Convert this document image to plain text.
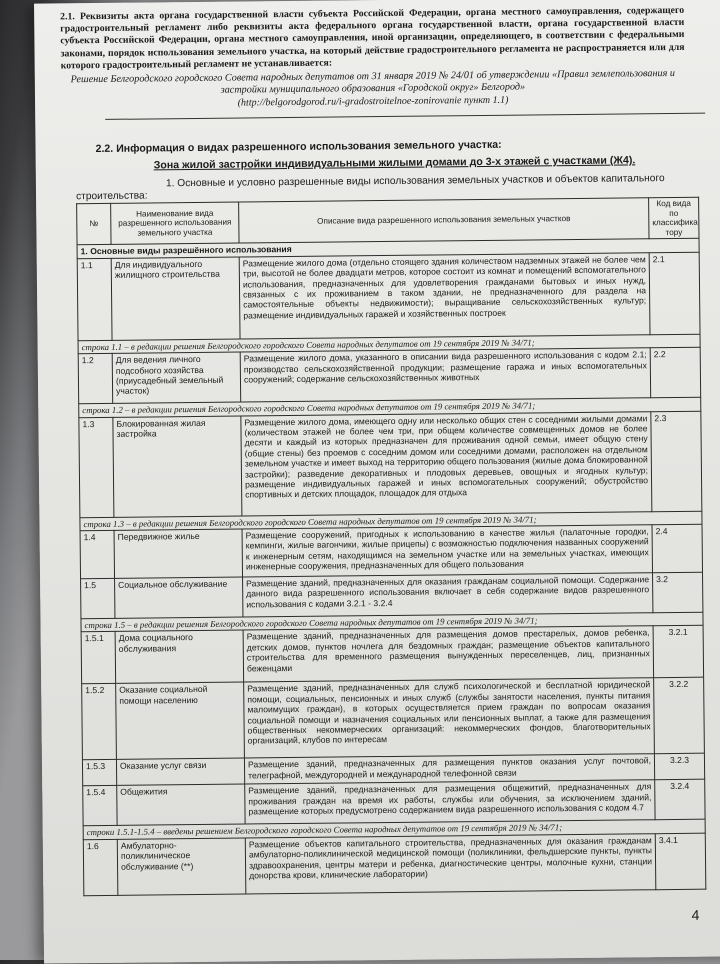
2.1. Реквизиты акта органа государственной власти субъекта Российской Федерации, органа местного самоуправления, содержащего градостроительный регламент либо реквизиты акта федерального органа государственной власти, органа государственной власти субъекта Российской Федерации, органа местного самоуправления, иной организации, определяющего, в соответствии с федеральными законами, порядок использования земельного участка, на который действие градостроительного регламента не распространяется или для которого градостроительный регламент не устанавливается:
Решение Белгородского городского Совета народных депутатов от 31 января 2019 № 24/01 об утверждении «Правил землепользования и застройки муниципального образования «Городской округ» Белгород»
(http://belgorodgorod.ru/i-gradostroitelnoe-zonirovanie пункт 1.1)
2.2. Информация о видах разрешенного использования земельного участка:
Зона жилой застройки индивидуальными жилыми домами до 3-х этажей с участками (Ж4).
1. Основные и условно разрешенные виды использования земельных участков и объектов капитального строительства:
№	Наименование вида разрешенного использования земельного участка	Описание вида разрешенного использования земельных участков	Код вида по классифика тору
1. Основные виды разрешённого использования			
1.1	Для индивидуального жилищного строительства	Размещение жилого дома (отдельно стоящего здания количеством надземных этажей не более чем три, высотой не более двадцати метров, которое состоит из комнат и помещений вспомогательного использования, предназначенных для удовлетворения гражданами бытовых и иных нужд, связанных с их проживанием в таком здании, не предназначенного для раздела на самостоятельные объекты недвижимости); выращивание сельскохозяйственных культур; размещение индивидуальных гаражей и хозяйственных построек	2.1
строка 1.1 – в редакции решения Белгородского городского Совета народных депутатов от 19 сентября 2019 № 34/71;			
1.2	Для ведения личного подсобного хозяйства (приусадебный земельный участок)	Размещение жилого дома, указанного в описании вида разрешенного использования с кодом 2.1; производство сельскохозяйственной продукции; размещение гаража и иных вспомогательных сооружений; содержание сельскохозяйственных животных	2.2
строка 1.2 – в редакции решения Белгородского городского Совета народных депутатов от 19 сентября 2019 № 34/71;			
1.3	Блокированная жилая застройка	Размещение жилого дома, имеющего одну или несколько общих стен с соседними жилыми домами (количеством этажей не более чем три, при общем количестве совмещенных домов не более десяти и каждый из которых предназначен для проживания одной семьи, имеет общую стену (общие стены) без проемов с соседним домом или соседними домами, расположен на отдельном земельном участке и имеет выход на территорию общего пользования (жилые дома блокированной застройки); разведение декоративных и плодовых деревьев, овощных и ягодных культур; размещение индивидуальных гаражей и иных вспомогательных сооружений; обустройство спортивных и детских площадок, площадок для отдыха	2.3
строка 1.3 – в редакции решения Белгородского городского Совета народных депутатов от 19 сентября 2019 № 34/71;			
1.4	Передвижное жилье	Размещение сооружений, пригодных к использованию в качестве жилья (палаточные городки, кемпинги, жилые вагончики, жилые прицепы) с возможностью подключения названных сооружений к инженерным сетям, находящимся на земельном участке или на земельных участках, имеющих инженерные сооружения, предназначенных для общего пользования	2.4
1.5	Социальное обслуживание	Размещение зданий, предназначенных для оказания гражданам социальной помощи. Содержание данного вида разрешенного использования включает в себя содержание видов разрешенного использования с кодами 3.2.1 - 3.2.4	3.2
строка 1.5 – в редакции решения Белгородского городского Совета народных депутатов от 19 сентября 2019 № 34/71;			
1.5.1	Дома социального обслуживания	Размещение зданий, предназначенных для размещения домов престарелых, домов ребенка, детских домов, пунктов ночлега для бездомных граждан; размещение объектов капитального строительства для временного размещения вынужденных переселенцев, лиц, признанных беженцами	3.2.1
1.5.2	Оказание социальной помощи населению	Размещение зданий, предназначенных для служб психологической и бесплатной юридической помощи, социальных, пенсионных и иных служб (службы занятости населения, пункты питания малоимущих граждан), в которых осуществляется прием граждан по вопросам оказания социальной помощи и назначения социальных или пенсионных выплат, а также для размещения общественных некоммерческих организаций: некоммерческих фондов, благотворительных организаций, клубов по интересам	3.2.2
1.5.3	Оказание услуг связи	Размещение зданий, предназначенных для размещения пунктов оказания услуг почтовой, телеграфной, междугородней и международной телефонной связи	3.2.3
1.5.4	Общежития	Размещение зданий, предназначенных для размещения общежитий, предназначенных для проживания граждан на время их работы, службы или обучения, за исключением зданий, размещение которых предусмотрено содержанием вида разрешенного использования с кодом 4.7	3.2.4
строки 1.5.1-1.5.4 – введены решением Белгородского городского Совета народных депутатов от 19 сентября 2019 № 34/71;			
1.6	Амбулаторно-поликлиническое обслуживание (**)	Размещение объектов капитального строительства, предназначенных для оказания гражданам амбулаторно-поликлинической медицинской помощи (поликлиники, фельдшерские пункты, пункты здравоохранения, центры матери и ребенка, диагностические центры, молочные кухни, станции донорства крови, клинические лаборатории)	3.4.1
4
